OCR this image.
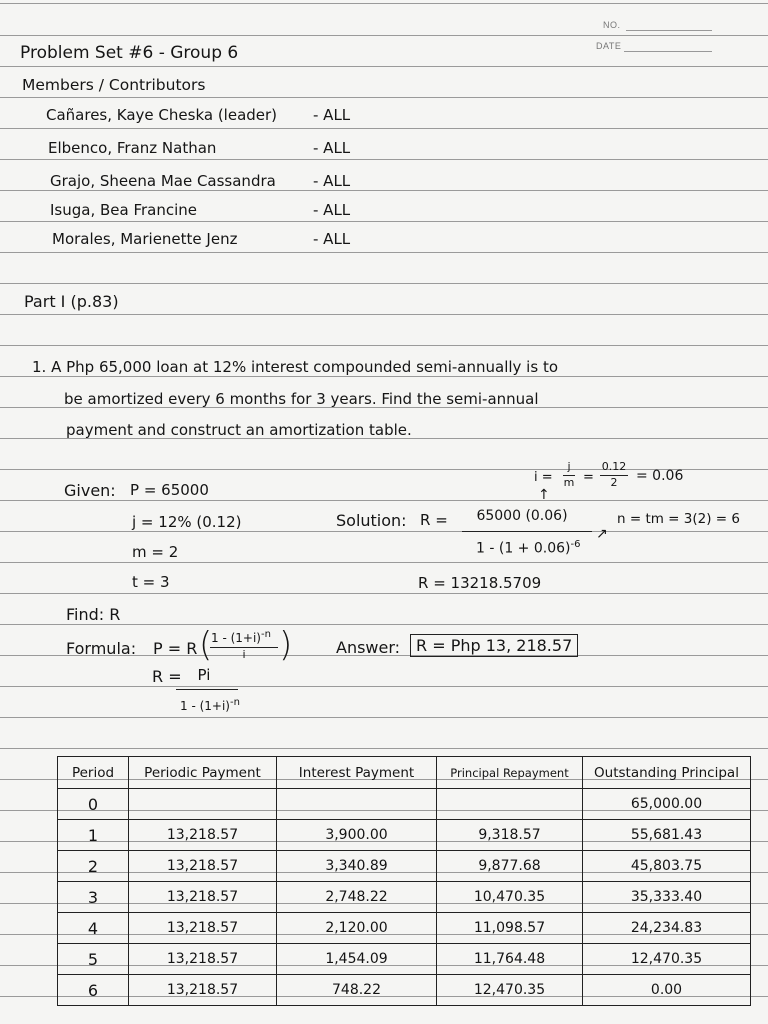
NO.
DATE
Problem Set #6 - Group 6
Members / Contributors
Cañares, Kaye Cheska (leader) - ALL
Elbenco, Franz Nathan	- ALL
Grajo, Sheena Mae Cassandra - ALL
Isuga, Bea Francine	- ALL
Morales, Marienette Jenz	- ALL
Part I (p.83)
1. A Php 65,000 loan at 12% interest compounded semi-annually is to
be amortized every 6 months for 3 years. Find the semi-annual
payment and construct an amortization table.
i =
j
m =
0.12
2	= 0.06
↑
Given: P = 65000
j = 12% (0.12)
m = 2
t = 3
Solution: R =	65000 (0.06)
$1 - (1 + 0.06)^{-6}$
↗
n = tm = 3(2) = 6
R = 13218.5709
Find: R
Formula: P = R (
$1 - (1+i)^{-n}$
i )
R =	Pi
$1 - (1+i)^{-n}$
Answer: R = Php 13, 218.57
Period	Periodic Payment	Interest Payment	Principal Repayment	Outstanding Principal
0				65,000.00
1	13,218.57	3,900.00	9,318.57	55,681.43
2	13,218.57	3,340.89	9,877.68	45,803.75
3	13,218.57	2,748.22	10,470.35	35,333.40
4	13,218.57	2,120.00	11,098.57	24,234.83
5	13,218.57	1,454.09	11,764.48	12,470.35
6	13,218.57	748.22	12,470.35	0.00
